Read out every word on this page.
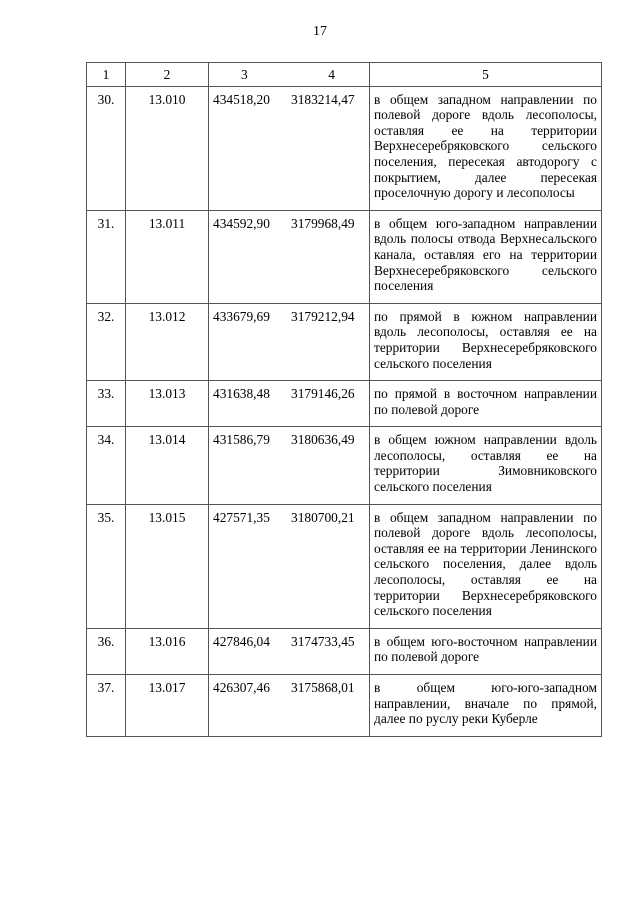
17
1	2	3 4	5
30.	13.010	434518,20 3183214,47	в общем западном направлении по полевой дороге вдоль лесополосы, оставляя ее на территории Верхнесеребряковского сельского поселения, пересекая автодорогу с покрытием, далее пересекая проселочную дорогу и лесополосы
31.	13.011	434592,90 3179968,49	в общем юго-западном направлении вдоль полосы отвода Верхнесальского канала, оставляя его на территории Верхнесеребряковского сельского поселения
32.	13.012	433679,69 3179212,94	по прямой в южном направлении вдоль лесополосы, оставляя ее на территории Верхнесеребряковского сельского поселения
33.	13.013	431638,48 3179146,26	по прямой в восточном направлении по полевой дороге
34.	13.014	431586,79 3180636,49	в общем южном направлении вдоль лесополосы, оставляя ее на территории Зимовниковского сельского поселения
35.	13.015	427571,35 3180700,21	в общем западном направлении по полевой дороге вдоль лесополосы, оставляя ее на территории Ленинского сельского поселения, далее вдоль лесополосы, оставляя ее на территории Верхнесеребряковского сельского поселения
36.	13.016	427846,04 3174733,45	в общем юго-восточном направлении по полевой дороге
37.	13.017	426307,46 3175868,01	в общем юго-юго-западном направлении, вначале по прямой, далее по руслу реки Куберле
